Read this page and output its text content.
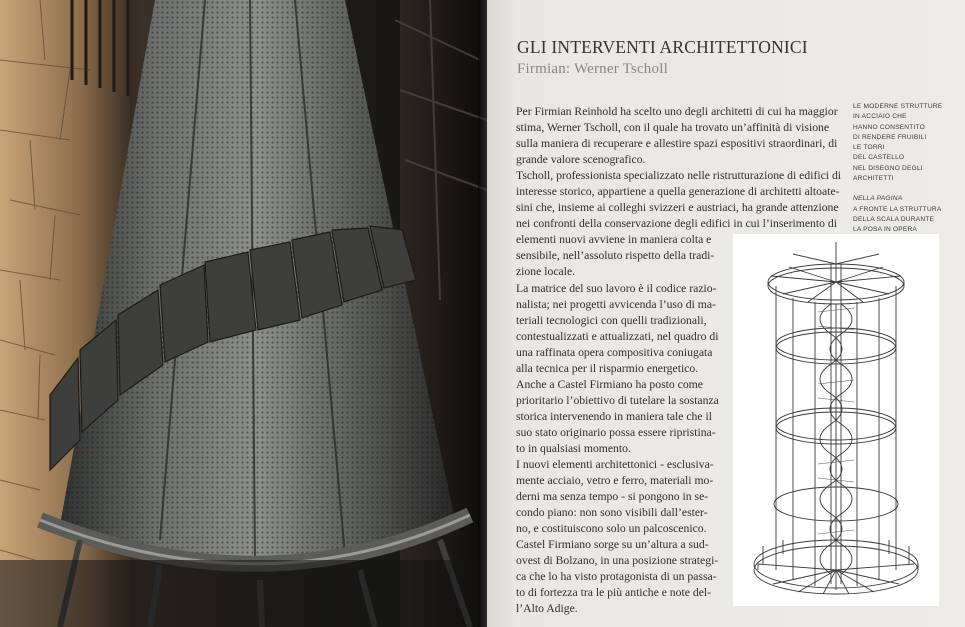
GLI INTERVENTI ARCHITETTONICI
Firmian: Werner Tscholl
Per Firmian Reinhold ha scelto uno degli architetti di cui ha maggior
stima, Werner Tscholl, con il quale ha trovato un’affinità di visione
sulla maniera di recuperare e allestire spazi espositivi straordinari, di
grande valore scenografico.
Tscholl, professionista specializzato nelle ristrutturazione di edifici di
interesse storico, appartiene a quella generazione di architetti altoate-
sini che, insieme ai colleghi svizzeri e austriaci, ha grande attenzione
nei confronti della conservazione degli edifici in cui l’inserimento di
elementi nuovi avviene in maniera colta e
sensibile, nell’assoluto rispetto della tradi-
zione locale.
La matrice del suo lavoro è il codice razio-
nalista; nei progetti avvicenda l’uso di ma-
teriali tecnologici con quelli tradizionali,
contestualizzati e attualizzati, nel quadro di
una raffinata opera compositiva coniugata
alla tecnica per il risparmio energetico.
Anche a Castel Firmiano ha posto come
prioritario l’obiettivo di tutelare la sostanza
storica intervenendo in maniera tale che il
suo stato originario possa essere ripristina-
to in qualsiasi momento.
I nuovi elementi architettonici - esclusiva-
mente acciaio, vetro e ferro, materiali mo-
derni ma senza tempo - si pongono in se-
condo piano: non sono visibili dall’ester-
no, e costituiscono solo un palcoscenico.
Castel Firmiano sorge su un’altura a sud-
ovest di Bolzano, in una posizione strategi-
ca che lo ha visto protagonista di un passa-
to di fortezza tra le più antiche e note del-
l’Alto Adige.
LE MODERNE STRUTTURE
IN ACCIAIO CHE
HANNO CONSENTITO
DI RENDERE FRUIBILI
LE TORRI
DEL CASTELLO
NEL DISEGNO DEGLI
ARCHITETTI
NELLA PAGINA
A FRONTE LA STRUTTURA
DELLA SCALA DURANTE
LA POSA IN OPERA
